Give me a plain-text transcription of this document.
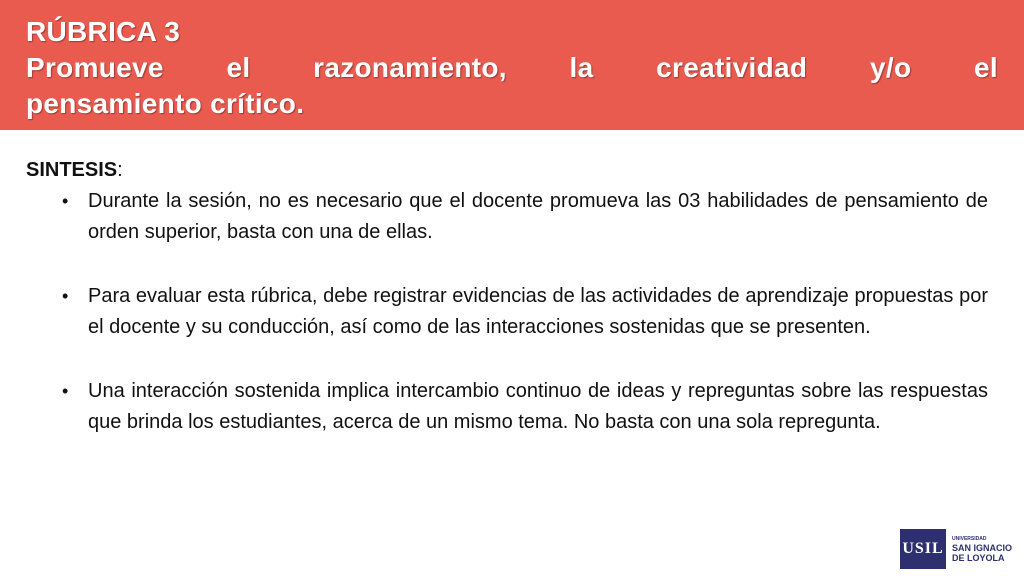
RÚBRICA 3
Promueve el razonamiento, la creatividad y/o el
pensamiento crítico.
SINTESIS:
• Durante la sesión, no es necesario que el docente promueva las 03 habilidades de pensamiento de orden superior, basta con una de ellas.
• Para evaluar esta rúbrica, debe registrar evidencias de las actividades de aprendizaje propuestas por el docente y su conducción, así como de las interacciones sostenidas que se presenten.
• Una interacción sostenida implica intercambio continuo de ideas y repreguntas sobre las respuestas que brinda los estudiantes, acerca de un mismo tema. No basta con una sola repregunta.
USIL
UNIVERSIDAD
SAN IGNACIO
DE LOYOLA
